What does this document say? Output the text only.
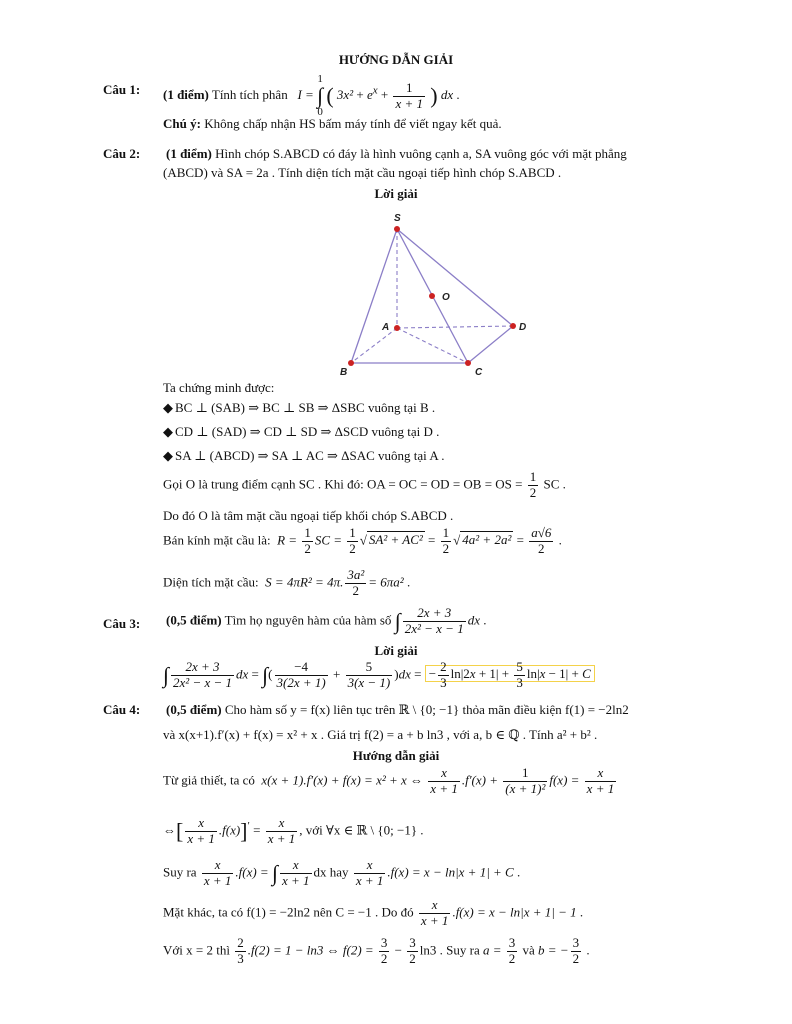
HƯỚNG DẪN GIẢI
Câu 1: (1 điểm) Tính tích phân   I =
1
∫
0
( $3x^2 + e^x + \frac{1}{x + 1}$ ) dx .
Chú ý: Không chấp nhận HS bấm máy tính để viết ngay kết quả.
Câu 2: (1 điểm) Hình chóp S.ABCD có đáy là hình vuông cạnh a, SA vuông góc với mặt phẳng
(ABCD) và SA = 2a . Tính diện tích mặt cầu ngoại tiếp hình chóp S.ABCD .
Lời giải
S
O
A	D
B	C
Ta chứng minh được:
◆ BC ⊥ (SAB) ⇒ BC ⊥ SB ⇒ ΔSBC vuông tại B .
◆ CD ⊥ (SAD) ⇒ CD ⊥ SD ⇒ ΔSCD vuông tại D .
◆ SA ⊥ (ABCD) ⇒ SA ⊥ AC ⇒ ΔSAC vuông tại A .
Gọi O là trung điểm cạnh SC . Khi đó: OA = OC = OD = OB = OS = $\frac{1}{2}$ SC .
Do đó O là tâm mặt cầu ngoại tiếp khối chóp S.ABCD .
Bán kính mặt cầu là:  $R = \frac{1}{2}$ SC = $\frac{1}{2}$ √ $SA^2 + AC^2 = \frac{1}{2}$ √ $4a^2 + 2a^2 = \frac{a√6}{2}$ .
Diện tích mặt cầu:  S = 4πR² = 4π. $\frac{\text{3a²}}{2} = 6\pi a^2$ .
Câu 3: (0,5 điểm) Tìm họ nguyên hàm của hàm số ∫ $\frac{2x + 3}{\text{2x² − x − 1}}$ dx .
Lời giải
∫ $\frac{2x + 3}{\text{2x² − x − 1}}$ dx = ∫( $\frac{-4}{3(2x + 1)} + \frac{5}{3(x - 1)} )dx$ = − $\frac{2}{3} \ln|2x + 1| + \frac{5}{3} \ln|x - 1| + C$
Câu 4: (0,5 điểm) Cho hàm số y = f(x) liên tục trên ℝ \ {0; −1} thỏa mãn điều kiện f(1) = −2ln2
và x(x+1).f′(x) + f(x) = x² + x . Giá trị f(2) = a + b ln3 , với a, b ∈ ℚ . Tính a² + b² .
Hướng dẫn giải
Từ giả thiết, ta có  x(x + 1).f′(x) + f(x) = x² + x ⇔ $\frac{x}{x + 1} .f'(x) + \frac{1}{\text{(x + 1)²}} f(x) = \frac{x}{x + 1}$
⇔[ $\frac{x}{x + 1} .f(x)]' = \frac{x}{x + 1}$ , với ∀x ∈ ℝ \ {0; −1} .
Suy ra $\frac{x}{x + 1} .f(x)$ = ∫ $\frac{x}{x + 1}$ dx hay $\frac{x}{x + 1} .f(x) = x - \ln|x + 1| + C$ .
Mặt khác, ta có f(1) = −2ln2 nên C = −1 . Do đó $\frac{x}{x + 1} .f(x) = x - \ln|x + 1| - 1$ .
Với x = 2 thì $\frac{2}{3} .f(2) = 1 - \ln 3$ ⇔ $f(2) = \frac{3}{2} - \frac{3}{2} \ln 3$ . Suy ra $a = \frac{3}{2}$ và b = − $\frac{3}{2}$ .
